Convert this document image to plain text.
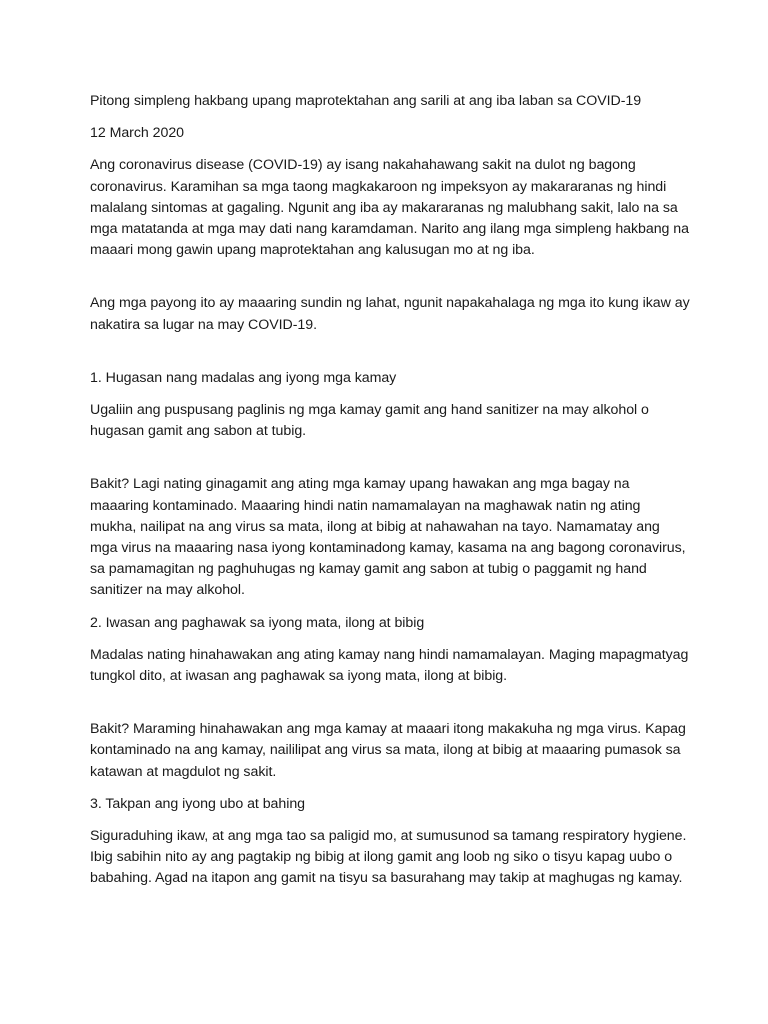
Pitong simpleng hakbang upang maprotektahan ang sarili at ang iba laban sa COVID-19

12 March 2020

Ang coronavirus disease (COVID-19) ay isang nakahahawang sakit na dulot ng bagong coronavirus. Karamihan sa mga taong magkakaroon ng impeksyon ay makararanas ng hindi malalang sintomas at gagaling. Ngunit ang iba ay makararanas ng malubhang sakit, lalo na sa mga matatanda at mga may dati nang karamdaman. Narito ang ilang mga simpleng hakbang na maaari mong gawin upang maprotektahan ang kalusugan mo at ng iba.

Ang mga payong ito ay maaaring sundin ng lahat, ngunit napakahalaga ng mga ito kung ikaw ay nakatira sa lugar na may COVID-19.

1. Hugasan nang madalas ang iyong mga kamay

Ugaliin ang puspusang paglinis ng mga kamay gamit ang hand sanitizer na may alkohol o hugasan gamit ang sabon at tubig.

Bakit? Lagi nating ginagamit ang ating mga kamay upang hawakan ang mga bagay na maaaring kontaminado. Maaaring hindi natin namamalayan na maghawak natin ng ating mukha, nailipat na ang virus sa mata, ilong at bibig at nahawahan na tayo. Namamatay ang mga virus na maaaring nasa iyong kontaminadong kamay, kasama na ang bagong coronavirus, sa pamamagitan ng paghuhugas ng kamay gamit ang sabon at tubig o paggamit ng hand sanitizer na may alkohol.

2. Iwasan ang paghawak sa iyong mata, ilong at bibig

Madalas nating hinahawakan ang ating kamay nang hindi namamalayan. Maging mapagmatyag tungkol dito, at iwasan ang paghawak sa iyong mata, ilong at bibig.

Bakit? Maraming hinahawakan ang mga kamay at maaari itong makakuha ng mga virus. Kapag kontaminado na ang kamay, naililipat ang virus sa mata, ilong at bibig at maaaring pumasok sa katawan at magdulot ng sakit.

3. Takpan ang iyong ubo at bahing

Siguraduhing ikaw, at ang mga tao sa paligid mo, at sumusunod sa tamang respiratory hygiene. Ibig sabihin nito ay ang pagtakip ng bibig at ilong gamit ang loob ng siko o tisyu kapag uubo o babahing. Agad na itapon ang gamit na tisyu sa basurahang may takip at maghugas ng kamay.
